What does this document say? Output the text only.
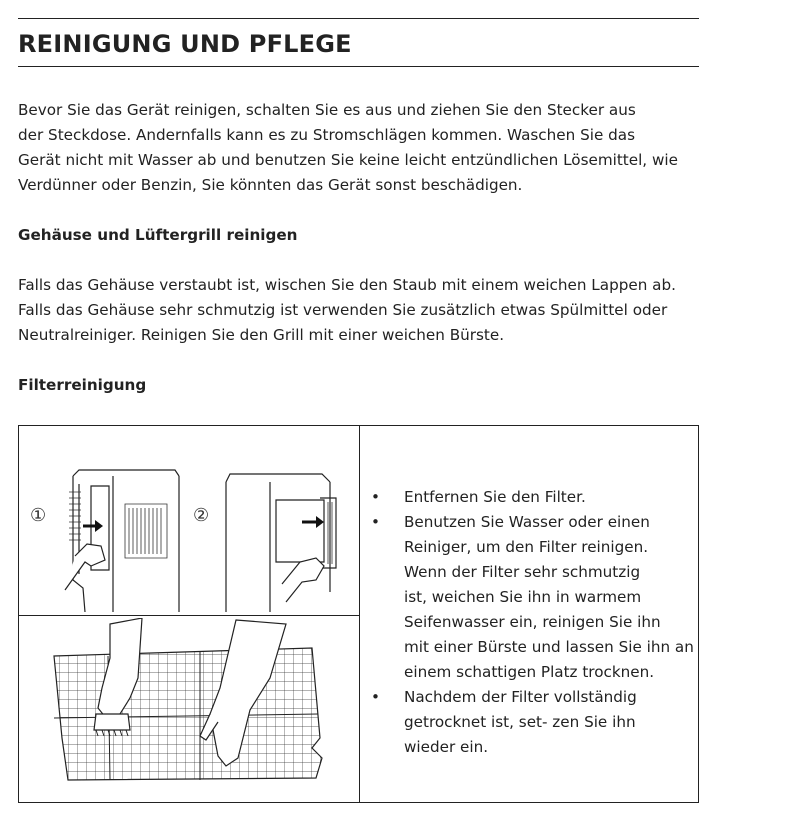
REINIGUNG UND PFLEGE

Bevor Sie das Gerät reinigen, schalten Sie es aus und ziehen Sie den Stecker aus
der Steckdose. Andernfalls kann es zu Stromschlägen kommen. Waschen Sie das
Gerät nicht mit Wasser ab und benutzen Sie keine leicht entzündlichen Lösemittel, wie
Verdünner oder Benzin, Sie könnten das Gerät sonst beschädigen.

Gehäuse und Lüftergrill reinigen

Falls das Gehäuse verstaubt ist, wischen Sie den Staub mit einem weichen Lappen ab.
Falls das Gehäuse sehr schmutzig ist verwenden Sie zusätzlich etwas Spülmittel oder
Neutralreiniger. Reinigen Sie den Grill mit einer weichen Bürste.

Filterreinigung

①	②
• Entfernen Sie den Filter.
• Benutzen Sie Wasser oder einen
Reiniger, um den Filter reinigen.
Wenn der Filter sehr schmutzig
ist, weichen Sie ihn in warmem
Seifenwasser ein, reinigen Sie ihn
mit einer Bürste und lassen Sie ihn an
einem schattigen Platz trocknen.
• Nachdem der Filter vollständig
getrocknet ist, set- zen Sie ihn
wieder ein.
